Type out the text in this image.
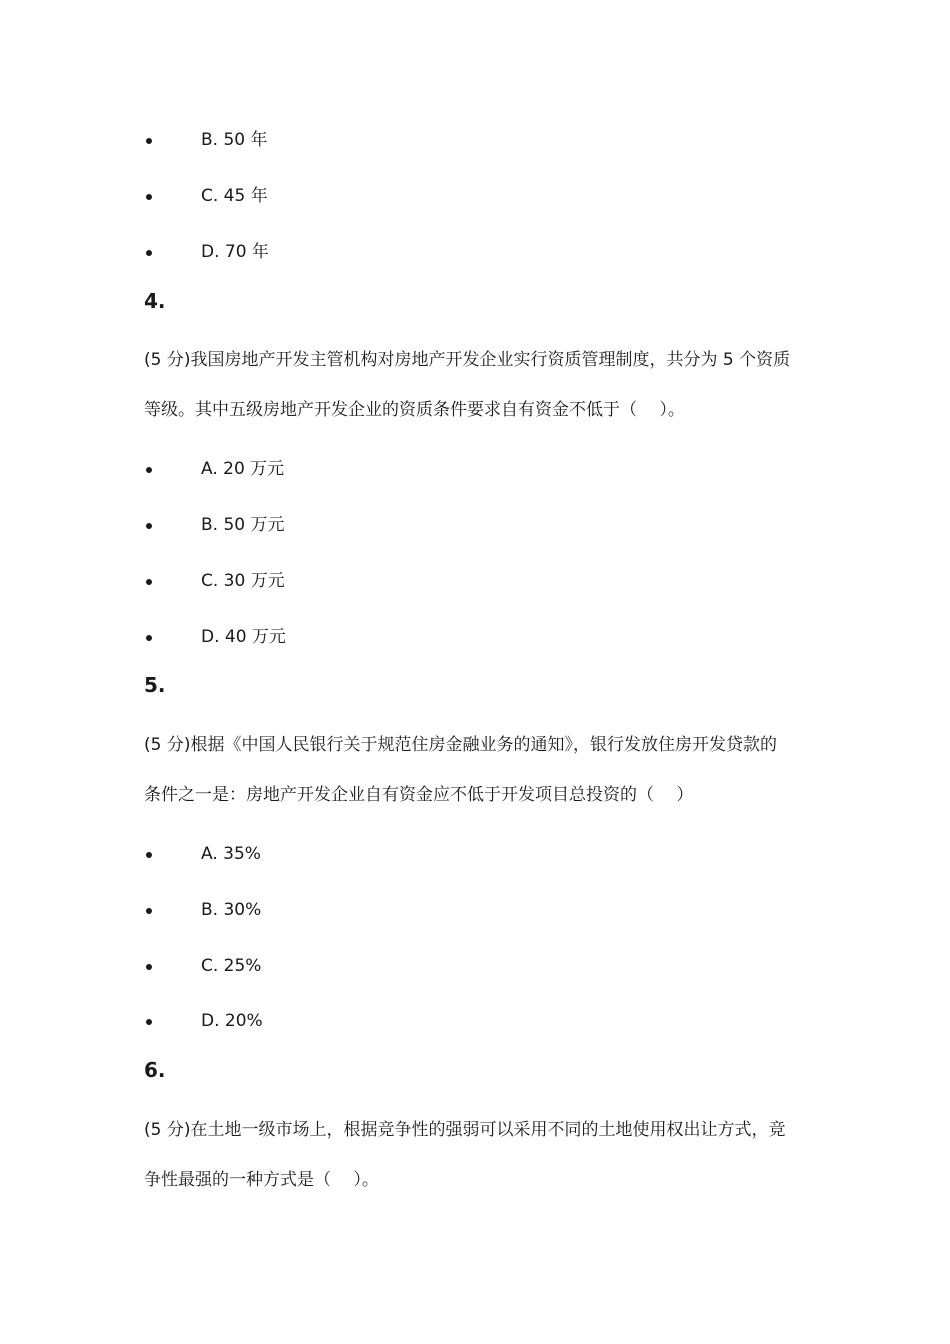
B. 50 年
C. 45 年
D. 70 年
4.
(5 分)我国房地产开发主管机构对房地产开发企业实行资质管理制度，共分为 5 个资质
等级。其中五级房地产开发企业的资质条件要求自有资金不低于（　 ）。
A. 20 万元
B. 50 万元
C. 30 万元
D. 40 万元
5.
(5 分)根据《中国人民银行关于规范住房金融业务的通知》，银行发放住房开发贷款的
条件之一是：房地产开发企业自有资金应不低于开发项目总投资的（　 ）
A. 35%
B. 30%
C. 25%
D. 20%
6.
(5 分)在土地一级市场上，根据竞争性的强弱可以采用不同的土地使用权出让方式，竞
争性最强的一种方式是（　 ）。
